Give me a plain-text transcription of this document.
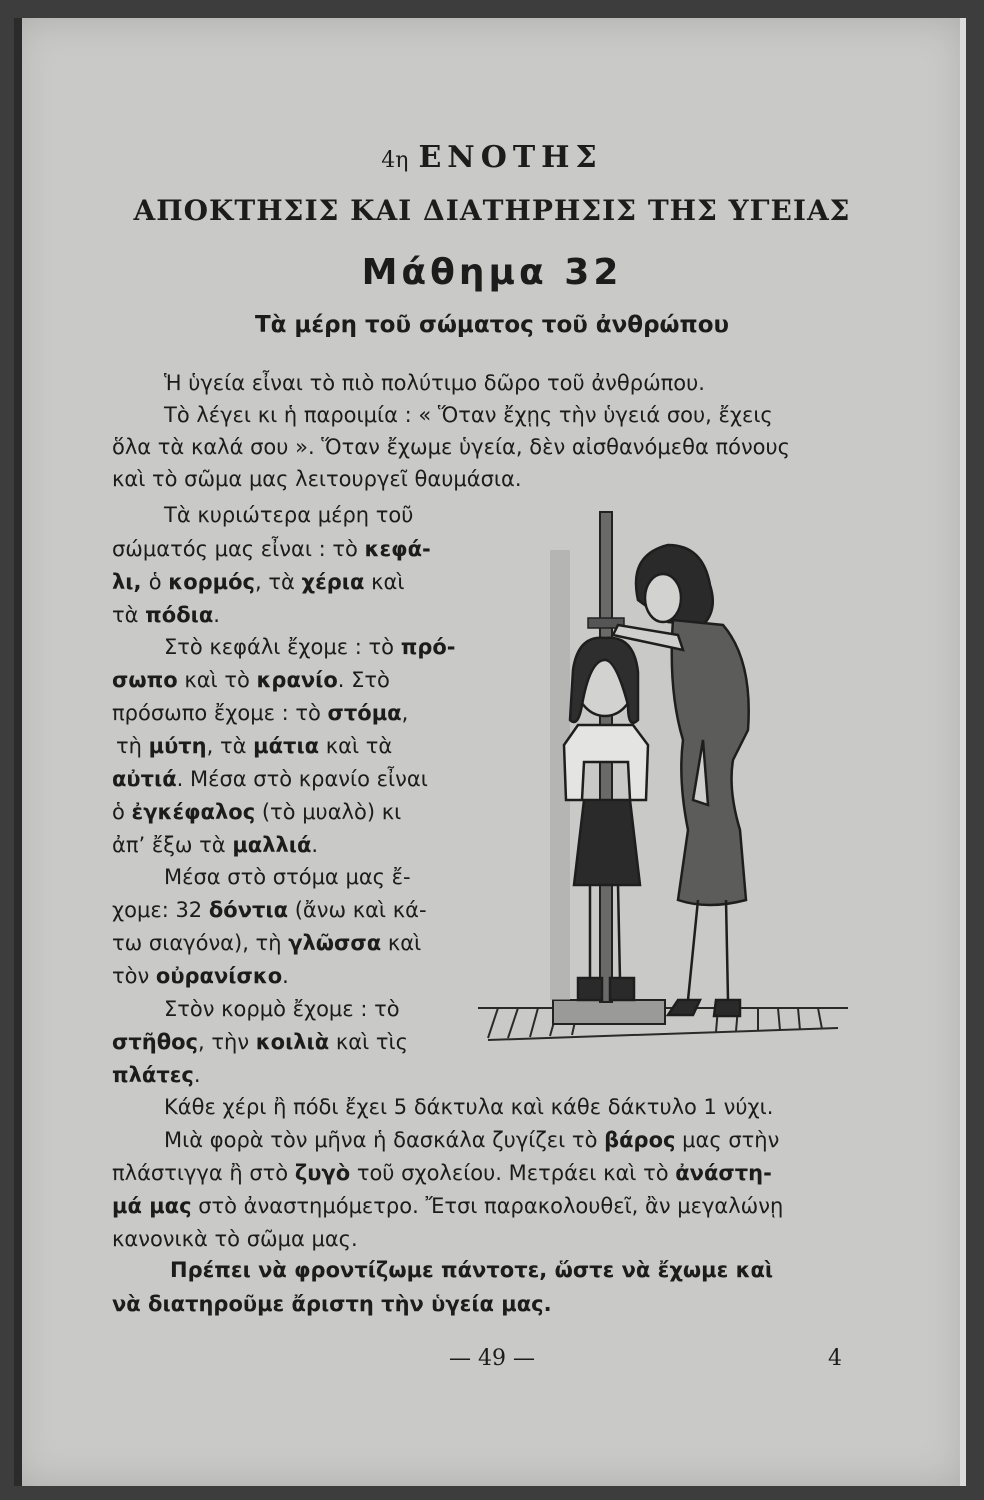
4η ΕΝΟΤΗΣ
ΑΠΟΚΤΗΣΙΣ ΚΑΙ ΔΙΑΤΗΡΗΣΙΣ ΤΗΣ ΥΓΕΙΑΣ
Μάθημα 32
Τὰ μέρη τοῦ σώματος τοῦ ἀνθρώπου
Ἡ ὑγεία εἶναι τὸ πιὸ πολύτιμο δῶρο τοῦ ἀνθρώπου.
Τὸ λέγει κι ἡ παροιμία : « Ὅταν ἔχῃς τὴν ὑγειά σου, ἔχεις
ὅλα τὰ καλά σου ». Ὅταν ἔχωμε ὑγεία, δὲν αἰσθανόμεθα πόνους
καὶ τὸ σῶμα μας λειτουργεῖ θαυμάσια.
Τὰ κυριώτερα μέρη τοῦ
σώματός μας εἶναι : τὸ κεφά-
λι, ὁ κορμός, τὰ χέρια καὶ
τὰ πόδια.
Στὸ κεφάλι ἔχομε : τὸ πρό-
σωπο καὶ τὸ κρανίο. Στὸ
πρόσωπο ἔχομε : τὸ στόμα,
τὴ μύτη, τὰ μάτια καὶ τὰ
αὐτιά. Μέσα στὸ κρανίο εἶναι
ὁ ἐγκέφαλος (τὸ μυαλὸ) κι
ἀπ’ ἔξω τὰ μαλλιά.
Μέσα στὸ στόμα μας ἔ-
χομε: 32 δόντια (ἄνω καὶ κά-
τω σιαγόνα), τὴ γλῶσσα καὶ
τὸν οὐρανίσκο.
Στὸν κορμὸ ἔχομε : τὸ
στῆθος, τὴν κοιλιὰ καὶ τὶς
πλάτες.
Κάθε χέρι ἢ πόδι ἔχει 5 δάκτυλα καὶ κάθε δάκτυλο 1 νύχι.
Μιὰ φορὰ τὸν μῆνα ἡ δασκάλα ζυγίζει τὸ βάρος μας στὴν
πλάστιγγα ἢ στὸ ζυγὸ τοῦ σχολείου. Μετράει καὶ τὸ ἀνάστη-
μά μας στὸ ἀναστημόμετρο. Ἔτσι παρακολουθεῖ, ἂν μεγαλώνῃ
κανονικὰ τὸ σῶμα μας.
Πρέπει νὰ φροντίζωμε πάντοτε, ὥστε νὰ ἔχωμε καὶ
νὰ διατηροῦμε ἄριστη τὴν ὑγεία μας.
— 49 —	4
